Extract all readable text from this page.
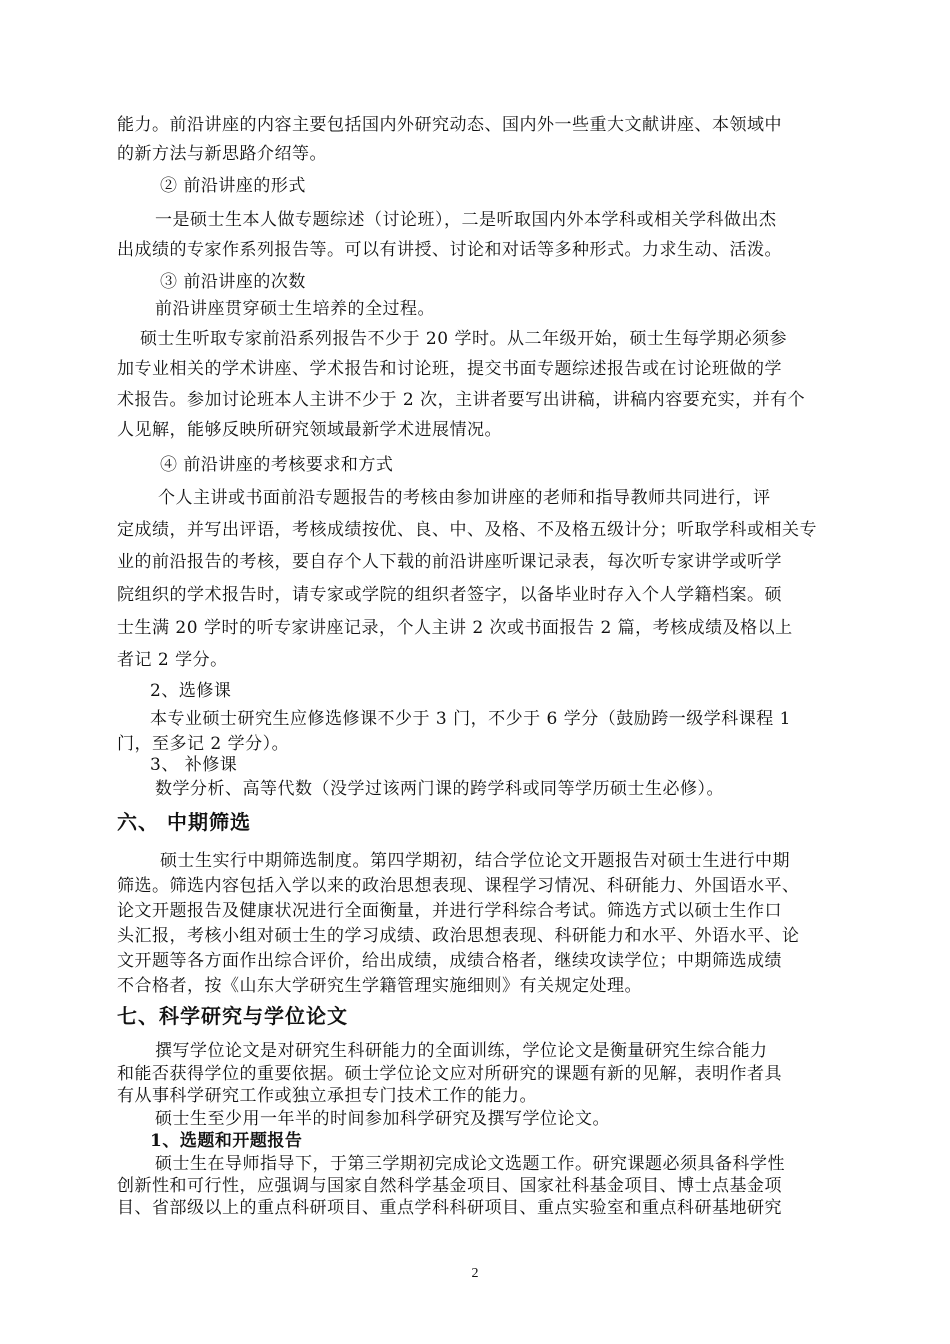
能力。前沿讲座的内容主要包括国内外研究动态、国内外一些重大文献讲座、本领域中
的新方法与新思路介绍等。
② 前沿讲座的形式
一是硕士生本人做专题综述（讨论班），二是听取国内外本学科或相关学科做出杰
出成绩的专家作系列报告等。可以有讲授、讨论和对话等多种形式。力求生动、活泼。
③ 前沿讲座的次数
前沿讲座贯穿硕士生培养的全过程。
硕士生听取专家前沿系列报告不少于 20 学时。从二年级开始，硕士生每学期必须参
加专业相关的学术讲座、学术报告和讨论班，提交书面专题综述报告或在讨论班做的学
术报告。参加讨论班本人主讲不少于 2 次，主讲者要写出讲稿，讲稿内容要充实，并有个
人见解，能够反映所研究领域最新学术进展情况。
④ 前沿讲座的考核要求和方式
个人主讲或书面前沿专题报告的考核由参加讲座的老师和指导教师共同进行，评
定成绩，并写出评语，考核成绩按优、良、中、及格、不及格五级计分；听取学科或相关专
业的前沿报告的考核，要自存个人下载的前沿讲座听课记录表，每次听专家讲学或听学
院组织的学术报告时，请专家或学院的组织者签字，以备毕业时存入个人学籍档案。硕
士生满 20 学时的听专家讲座记录，个人主讲 2 次或书面报告 2 篇，考核成绩及格以上
者记 2 学分。
2、选修课
本专业硕士研究生应修选修课不少于 3 门，不少于 6 学分（鼓励跨一级学科课程 1
门，至多记 2 学分）。
3、 补修课
数学分析、高等代数（没学过该两门课的跨学科或同等学历硕士生必修）。
六、 中期筛选
硕士生实行中期筛选制度。第四学期初，结合学位论文开题报告对硕士生进行中期
筛选。筛选内容包括入学以来的政治思想表现、课程学习情况、科研能力、外国语水平、
论文开题报告及健康状况进行全面衡量，并进行学科综合考试。筛选方式以硕士生作口
头汇报，考核小组对硕士生的学习成绩、政治思想表现、科研能力和水平、外语水平、论
文开题等各方面作出综合评价，给出成绩，成绩合格者，继续攻读学位；中期筛选成绩
不合格者，按《山东大学研究生学籍管理实施细则》有关规定处理。
七、科学研究与学位论文
撰写学位论文是对研究生科研能力的全面训练，学位论文是衡量研究生综合能力
和能否获得学位的重要依据。硕士学位论文应对所研究的课题有新的见解，表明作者具
有从事科学研究工作或独立承担专门技术工作的能力。
硕士生至少用一年半的时间参加科学研究及撰写学位论文。
1、选题和开题报告
硕士生在导师指导下，于第三学期初完成论文选题工作。研究课题必须具备科学性
创新性和可行性，应强调与国家自然科学基金项目、国家社科基金项目、博士点基金项
目、省部级以上的重点科研项目、重点学科科研项目、重点实验室和重点科研基地研究
2
